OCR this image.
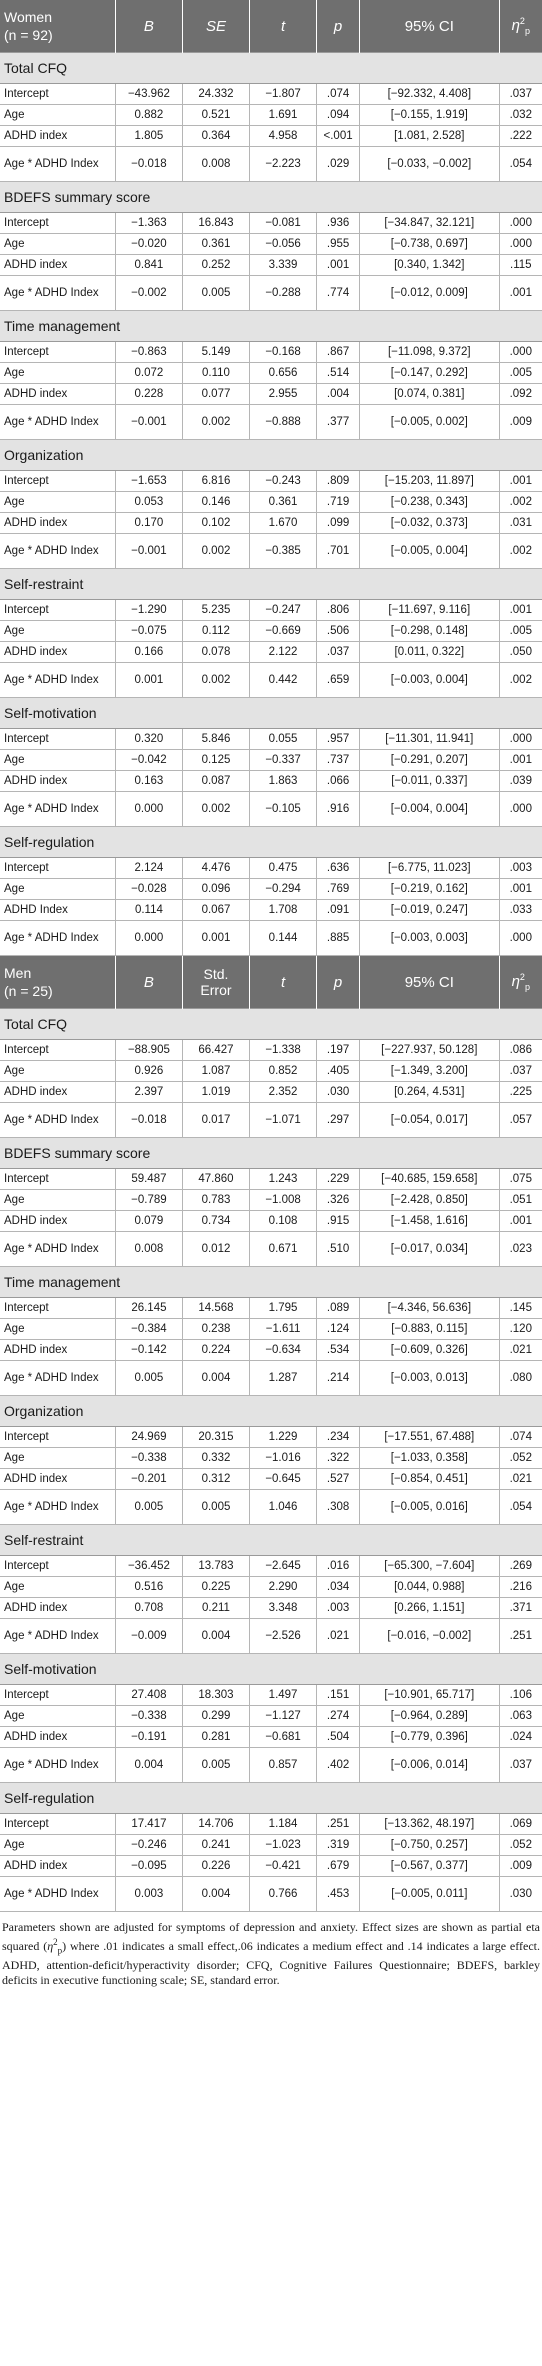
Women
(n = 92)	B	SE	t	p	95% CI	$\eta^2_p$
Total CFQ						
Intercept	−43.962	24.332	−1.807	.074	[−92.332, 4.408]	.037
Age	0.882	0.521	1.691	.094	[−0.155, 1.919]	.032
ADHD index	1.805	0.364	4.958	<.001	[1.081, 2.528]	.222
Age * ADHD Index	−0.018	0.008	−2.223	.029	[−0.033, −0.002]	.054
BDEFS summary score						
Intercept	−1.363	16.843	−0.081	.936	[−34.847, 32.121]	.000
Age	−0.020	0.361	−0.056	.955	[−0.738, 0.697]	.000
ADHD index	0.841	0.252	3.339	.001	[0.340, 1.342]	.115
Age * ADHD Index	−0.002	0.005	−0.288	.774	[−0.012, 0.009]	.001
Time management						
Intercept	−0.863	5.149	−0.168	.867	[−11.098, 9.372]	.000
Age	0.072	0.110	0.656	.514	[−0.147, 0.292]	.005
ADHD index	0.228	0.077	2.955	.004	[0.074, 0.381]	.092
Age * ADHD Index	−0.001	0.002	−0.888	.377	[−0.005, 0.002]	.009
Organization						
Intercept	−1.653	6.816	−0.243	.809	[−15.203, 11.897]	.001
Age	0.053	0.146	0.361	.719	[−0.238, 0.343]	.002
ADHD index	0.170	0.102	1.670	.099	[−0.032, 0.373]	.031
Age * ADHD Index	−0.001	0.002	−0.385	.701	[−0.005, 0.004]	.002
Self-restraint						
Intercept	−1.290	5.235	−0.247	.806	[−11.697, 9.116]	.001
Age	−0.075	0.112	−0.669	.506	[−0.298, 0.148]	.005
ADHD index	0.166	0.078	2.122	.037	[0.011, 0.322]	.050
Age * ADHD Index	0.001	0.002	0.442	.659	[−0.003, 0.004]	.002
Self-motivation						
Intercept	0.320	5.846	0.055	.957	[−11.301, 11.941]	.000
Age	−0.042	0.125	−0.337	.737	[−0.291, 0.207]	.001
ADHD index	0.163	0.087	1.863	.066	[−0.011, 0.337]	.039
Age * ADHD Index	0.000	0.002	−0.105	.916	[−0.004, 0.004]	.000
Self-regulation						
Intercept	2.124	4.476	0.475	.636	[−6.775, 11.023]	.003
Age	−0.028	0.096	−0.294	.769	[−0.219, 0.162]	.001
ADHD Index	0.114	0.067	1.708	.091	[−0.019, 0.247]	.033
Age * ADHD Index	0.000	0.001	0.144	.885	[−0.003, 0.003]	.000
Men
(n = 25)	B	Std. Error	t	p	95% CI	$\eta^2_p$
Total CFQ						
Intercept	−88.905	66.427	−1.338	.197	[−227.937, 50.128]	.086
Age	0.926	1.087	0.852	.405	[−1.349, 3.200]	.037
ADHD index	2.397	1.019	2.352	.030	[0.264, 4.531]	.225
Age * ADHD Index	−0.018	0.017	−1.071	.297	[−0.054, 0.017]	.057
BDEFS summary score						
Intercept	59.487	47.860	1.243	.229	[−40.685, 159.658]	.075
Age	−0.789	0.783	−1.008	.326	[−2.428, 0.850]	.051
ADHD index	0.079	0.734	0.108	.915	[−1.458, 1.616]	.001
Age * ADHD Index	0.008	0.012	0.671	.510	[−0.017, 0.034]	.023
Time management						
Intercept	26.145	14.568	1.795	.089	[−4.346, 56.636]	.145
Age	−0.384	0.238	−1.611	.124	[−0.883, 0.115]	.120
ADHD index	−0.142	0.224	−0.634	.534	[−0.609, 0.326]	.021
Age * ADHD Index	0.005	0.004	1.287	.214	[−0.003, 0.013]	.080
Organization						
Intercept	24.969	20.315	1.229	.234	[−17.551, 67.488]	.074
Age	−0.338	0.332	−1.016	.322	[−1.033, 0.358]	.052
ADHD index	−0.201	0.312	−0.645	.527	[−0.854, 0.451]	.021
Age * ADHD Index	0.005	0.005	1.046	.308	[−0.005, 0.016]	.054
Self-restraint						
Intercept	−36.452	13.783	−2.645	.016	[−65.300, −7.604]	.269
Age	0.516	0.225	2.290	.034	[0.044, 0.988]	.216
ADHD index	0.708	0.211	3.348	.003	[0.266, 1.151]	.371
Age * ADHD Index	−0.009	0.004	−2.526	.021	[−0.016, −0.002]	.251
Self-motivation						
Intercept	27.408	18.303	1.497	.151	[−10.901, 65.717]	.106
Age	−0.338	0.299	−1.127	.274	[−0.964, 0.289]	.063
ADHD index	−0.191	0.281	−0.681	.504	[−0.779, 0.396]	.024
Age * ADHD Index	0.004	0.005	0.857	.402	[−0.006, 0.014]	.037
Self-regulation						
Intercept	17.417	14.706	1.184	.251	[−13.362, 48.197]	.069
Age	−0.246	0.241	−1.023	.319	[−0.750, 0.257]	.052
ADHD index	−0.095	0.226	−0.421	.679	[−0.567, 0.377]	.009
Age * ADHD Index	0.003	0.004	0.766	.453	[−0.005, 0.011]	.030
Parameters shown are adjusted for symptoms of depression and anxiety. Effect sizes are shown as partial eta squared $(\eta^2_p)$ where .01 indicates a small effect,.06 indicates a medium effect and .14 indicates a large effect. ADHD, attention-deficit/hyperactivity disorder; CFQ, Cognitive Failures Questionnaire; BDEFS, barkley deficits in executive functioning scale; SE, standard error.
